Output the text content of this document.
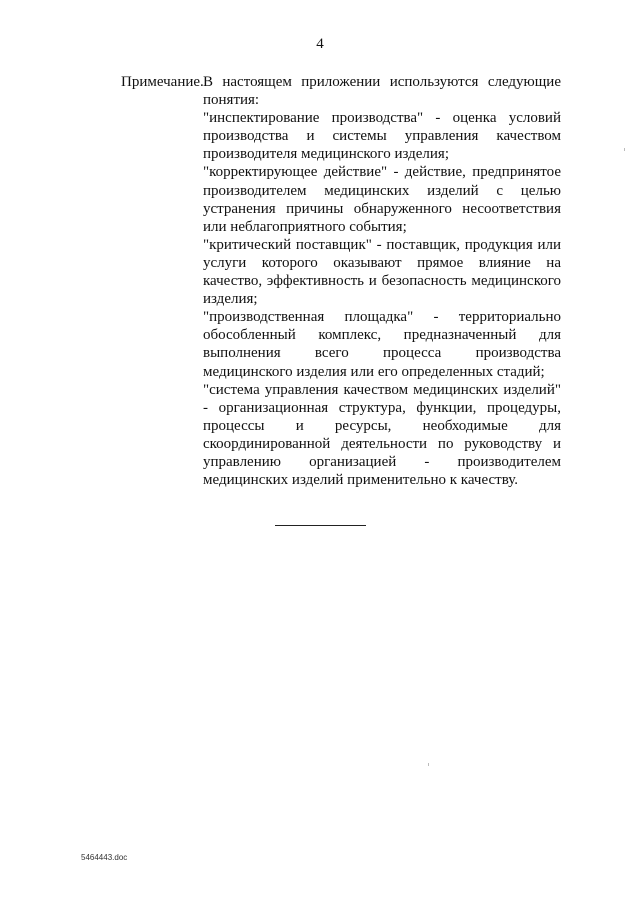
4
Примечание. В настоящем приложении используются следующие понятия:

"инспектирование производства" - оценка условий производства и системы управления качеством производителя медицинского изделия;

"корректирующее действие" - действие, предпринятое производителем медицинских изделий с целью устранения причины обнаруженного несоответствия или неблагоприятного события;

"критический поставщик" - поставщик, продукция или услуги которого оказывают прямое влияние на качество, эффективность и безопасность медицинского изделия;

"производственная площадка" - территориально обособленный комплекс, предназначенный для выполнения всего процесса производства медицинского изделия или его определенных стадий;

"система управления качеством медицинских изделий" - организационная структура, функции, процедуры, процессы и ресурсы, необходимые для скоординированной деятельности по руководству и управлению организацией - производителем медицинских изделий применительно к качеству.

5464443.doc
